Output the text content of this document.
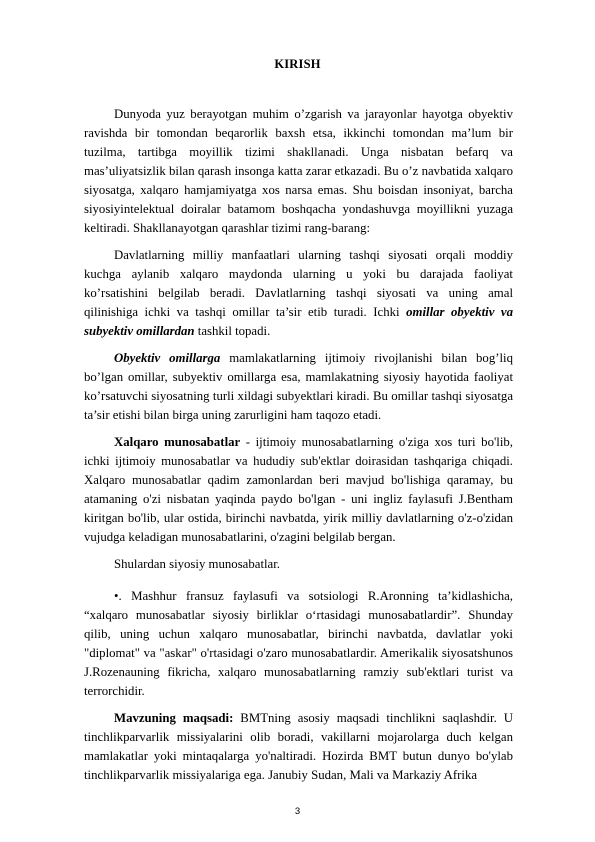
KIRISH

Dunyoda yuz berayotgan muhim o’zgarish va jarayonlar hayotga obyektiv ravishda bir tomondan beqarorlik baxsh etsa, ikkinchi tomondan ma’lum bir tuzilma, tartibga moyillik tizimi shakllanadi. Unga nisbatan befarq va mas’uliyatsizlik bilan qarash insonga katta zarar etkazadi. Bu o’z navbatida xalqaro siyosatga, xalqaro hamjamiyatga xos narsa emas. Shu boisdan insoniyat, barcha siyosiyintelektual doiralar batamom boshqacha yondashuvga moyillikni yuzaga keltiradi. Shakllanayotgan qarashlar tizimi rang-barang:

Davlatlarning milliy manfaatlari ularning tashqi siyosati orqali moddiy kuchga aylanib xalqaro maydonda ularning u yoki bu darajada faoliyat ko’rsatishini belgilab beradi. Davlatlarning tashqi siyosati va uning amal qilinishiga ichki va tashqi omillar ta’sir etib turadi. Ichki omillar obyektiv va subyektiv omillardan tashkil topadi.

Obyektiv omillarga mamlakatlarning ijtimoiy rivojlanishi bilan bog’liq bo’lgan omillar, subyektiv omillarga esa, mamlakatning siyosiy hayotida faoliyat ko’rsatuvchi siyosatning turli xildagi subyektlari kiradi. Bu omillar tashqi siyosatga ta’sir etishi bilan birga uning zarurligini ham taqozo etadi.

Xalqaro munosabatlar - ijtimoiy munosabatlarning o'ziga xos turi bo'lib, ichki ijtimoiy munosabatlar va hududiy sub'ektlar doirasidan tashqariga chiqadi. Xalqaro munosabatlar qadim zamonlardan beri mavjud bo'lishiga qaramay, bu atamaning o'zi nisbatan yaqinda paydo bo'lgan - uni ingliz faylasufi J.Bentham kiritgan bo'lib, ular ostida, birinchi navbatda, yirik milliy davlatlarning o'z-o'zidan vujudga keladigan munosabatlarini, o'zagini belgilab bergan.

Shulardan siyosiy munosabatlar.

•. Mashhur fransuz faylasufi va sotsiologi R.Aronning ta’kidlashicha, “xalqaro munosabatlar siyosiy birliklar o‘rtasidagi munosabatlardir”. Shunday qilib, uning uchun xalqaro munosabatlar, birinchi navbatda, davlatlar yoki "diplomat" va "askar" o'rtasidagi o'zaro munosabatlardir. Amerikalik siyosatshunos J.Rozenauning fikricha, xalqaro munosabatlarning ramziy sub'ektlari turist va terrorchidir.

Mavzuning maqsadi: BMTning asosiy maqsadi tinchlikni saqlashdir. U tinchlikparvarlik missiyalarini olib boradi, vakillarni mojarolarga duch kelgan mamlakatlar yoki mintaqalarga yo'naltiradi. Hozirda BMT butun dunyo bo'ylab tinchlikparvarlik missiyalariga ega. Janubiy Sudan, Mali va Markaziy Afrika

3
